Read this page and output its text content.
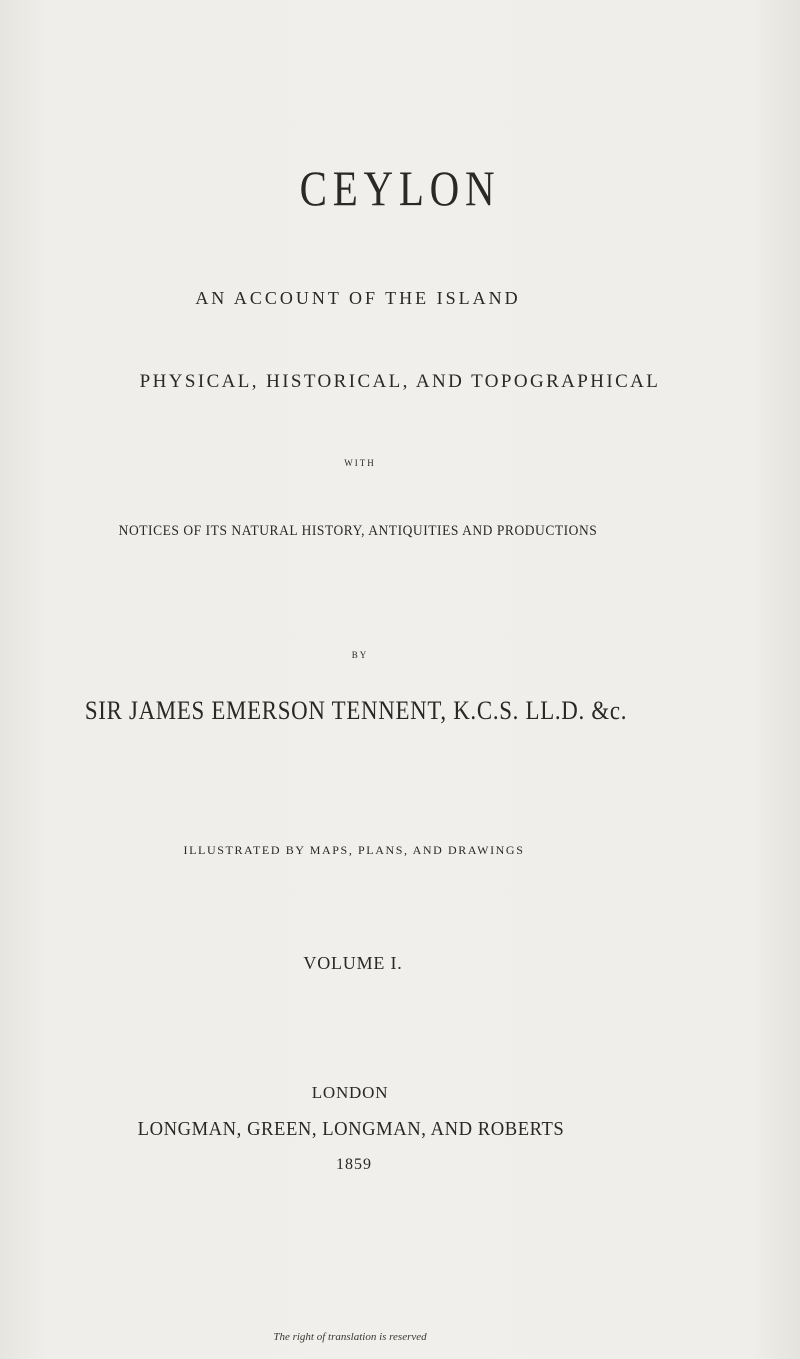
CEYLON
AN ACCOUNT OF THE ISLAND
PHYSICAL, HISTORICAL, AND TOPOGRAPHICAL
WITH
NOTICES OF ITS NATURAL HISTORY, ANTIQUITIES AND PRODUCTIONS
BY
SIR JAMES EMERSON TENNENT, K.C.S. LL.D. &c.
ILLUSTRATED BY MAPS, PLANS, AND DRAWINGS
VOLUME I.
LONDON
LONGMAN, GREEN, LONGMAN, AND ROBERTS
1859
The right of translation is reserved
